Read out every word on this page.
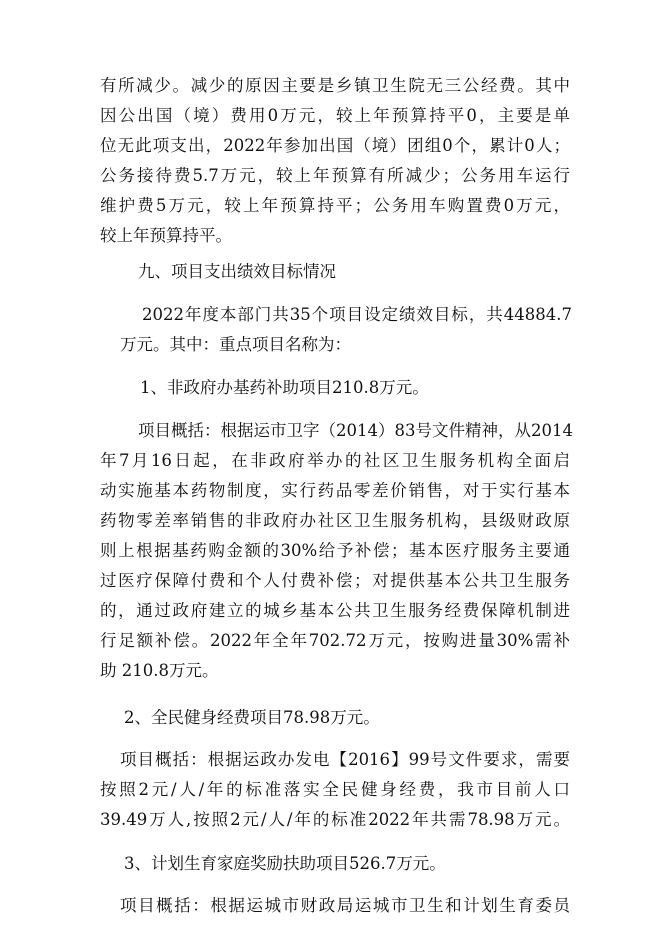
有所减少。减少的原因主要是乡镇卫生院无三公经费。其中
因公出国（境）费用0万元，较上年预算持平0，主要是单
位无此项支出，2022年参加出国（境）团组0个，累计0人；
公务接待费5.7万元，较上年预算有所减少；公务用车运行
维护费5万元，较上年预算持平；公务用车购置费0万元，
较上年预算持平。
九、项目支出绩效目标情况
2022年度本部门共35个项目设定绩效目标，共44884.7
万元。其中：重点项目名称为：
1、非政府办基药补助项目210.8万元。
项目概括：根据运市卫字（2014）83号文件精神，从2014
年7月16日起，在非政府举办的社区卫生服务机构全面启
动实施基本药物制度，实行药品零差价销售，对于实行基本
药物零差率销售的非政府办社区卫生服务机构，县级财政原
则上根据基药购金额的30%给予补偿；基本医疗服务主要通
过医疗保障付费和个人付费补偿；对提供基本公共卫生服务
的，通过政府建立的城乡基本公共卫生服务经费保障机制进
行足额补偿。2022年全年702.72万元，按购进量30%需补
助 210.8万元。
2、全民健身经费项目78.98万元。
项目概括：根据运政办发电【2016】99号文件要求，需要
按照2元/人/年的标准落实全民健身经费，我市目前人口
39.49万人,按照2元/人/年的标准2022年共需78.98万元。
3、计划生育家庭奖励扶助项目526.7万元。
项目概括：根据运城市财政局运城市卫生和计划生育委员
